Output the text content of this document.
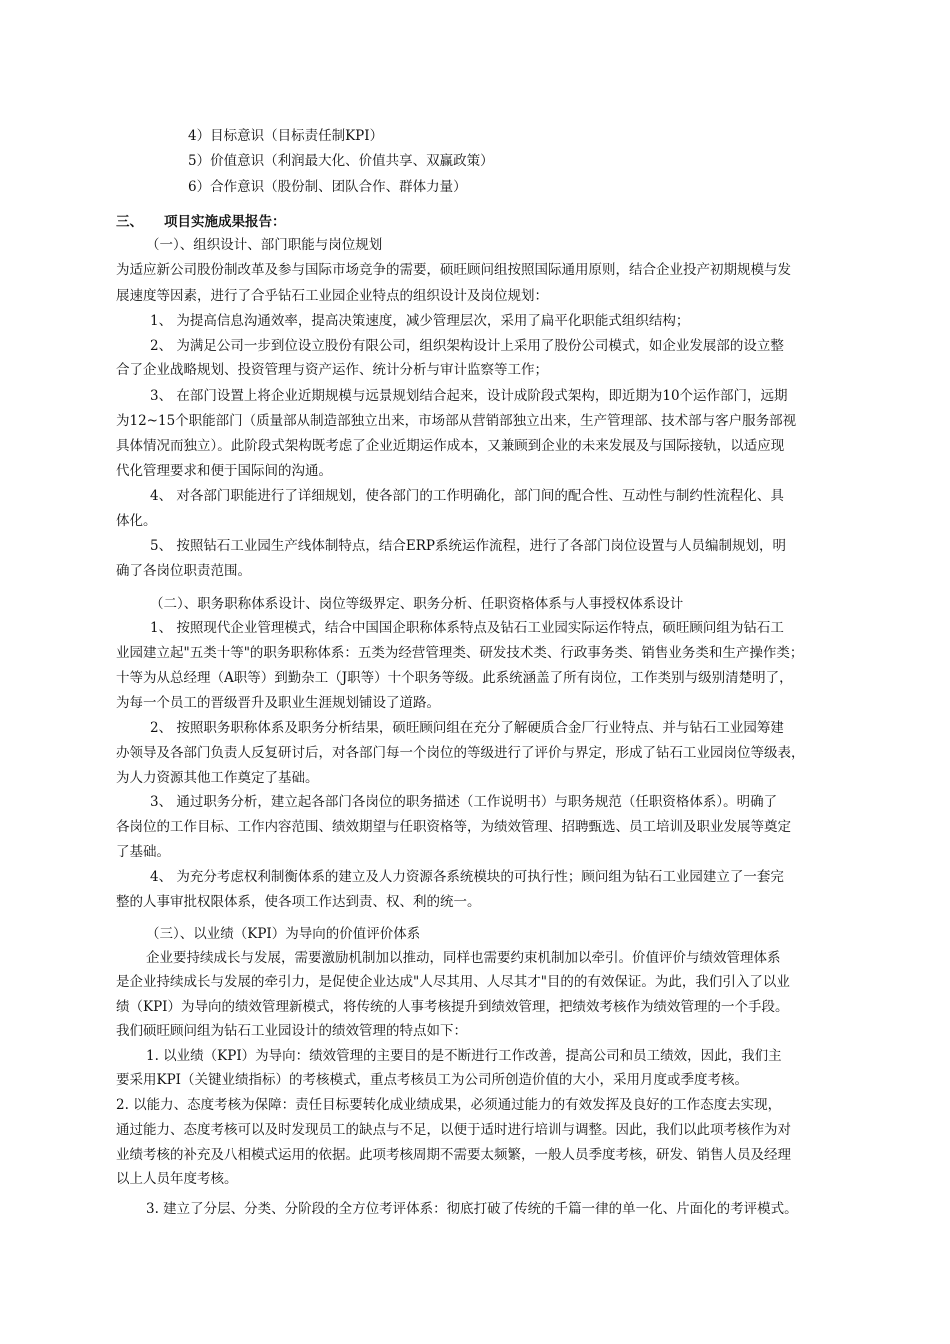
4）目标意识（目标责任制KPI）
5）价值意识（利润最大化、价值共享、双赢政策）
6）合作意识（股份制、团队合作、群体力量）
三、 项目实施成果报告：
（一）、组织设计、部门职能与岗位规划
为适应新公司股份制改革及参与国际市场竞争的需要，硕旺顾问组按照国际通用原则，结合企业投产初期规模与发
展速度等因素，进行了合乎钻石工业园企业特点的组织设计及岗位规划：
1、 为提高信息沟通效率，提高决策速度，减少管理层次，采用了扁平化职能式组织结构；
2、 为满足公司一步到位设立股份有限公司，组织架构设计上采用了股份公司模式，如企业发展部的设立整
合了企业战略规划、投资管理与资产运作、统计分析与审计监察等工作；
3、 在部门设置上将企业近期规模与远景规划结合起来，设计成阶段式架构，即近期为10个运作部门，远期
为12~15个职能部门（质量部从制造部独立出来，市场部从营销部独立出来，生产管理部、技术部与客户服务部视
具体情况而独立）。此阶段式架构既考虑了企业近期运作成本，又兼顾到企业的未来发展及与国际接轨，以适应现
代化管理要求和便于国际间的沟通。
4、 对各部门职能进行了详细规划，使各部门的工作明确化，部门间的配合性、互动性与制约性流程化、具
体化。
5、 按照钻石工业园生产线体制特点，结合ERP系统运作流程，进行了各部门岗位设置与人员编制规划，明
确了各岗位职责范围。
（二）、职务职称体系设计、岗位等级界定、职务分析、任职资格体系与人事授权体系设计
1、 按照现代企业管理模式，结合中国国企职称体系特点及钻石工业园实际运作特点，硕旺顾问组为钻石工
业园建立起"五类十等"的职务职称体系：五类为经营管理类、研发技术类、行政事务类、销售业务类和生产操作类；
十等为从总经理（A职等）到勤杂工（J职等）十个职务等级。此系统涵盖了所有岗位，工作类别与级别清楚明了，
为每一个员工的晋级晋升及职业生涯规划铺设了道路。
2、 按照职务职称体系及职务分析结果，硕旺顾问组在充分了解硬质合金厂行业特点、并与钻石工业园筹建
办领导及各部门负责人反复研讨后，对各部门每一个岗位的等级进行了评价与界定，形成了钻石工业园岗位等级表，
为人力资源其他工作奠定了基础。
3、 通过职务分析，建立起各部门各岗位的职务描述（工作说明书）与职务规范（任职资格体系）。明确了
各岗位的工作目标、工作内容范围、绩效期望与任职资格等，为绩效管理、招聘甄选、员工培训及职业发展等奠定
了基础。
4、 为充分考虑权利制衡体系的建立及人力资源各系统模块的可执行性；顾问组为钻石工业园建立了一套完
整的人事审批权限体系，使各项工作达到责、权、利的统一。
（三）、以业绩（KPI）为导向的价值评价体系
企业要持续成长与发展，需要激励机制加以推动，同样也需要约束机制加以牵引。价值评价与绩效管理体系
是企业持续成长与发展的牵引力，是促使企业达成"人尽其用、人尽其才"目的的有效保证。为此，我们引入了以业
绩（KPI）为导向的绩效管理新模式，将传统的人事考核提升到绩效管理，把绩效考核作为绩效管理的一个手段。
我们硕旺顾问组为钻石工业园设计的绩效管理的特点如下：
1. 以业绩（KPI）为导向：绩效管理的主要目的是不断进行工作改善，提高公司和员工绩效，因此，我们主
要采用KPI（关键业绩指标）的考核模式，重点考核员工为公司所创造价值的大小，采用月度或季度考核。
2. 以能力、态度考核为保障：责任目标要转化成业绩成果，必须通过能力的有效发挥及良好的工作态度去实现，
通过能力、态度考核可以及时发现员工的缺点与不足，以便于适时进行培训与调整。因此，我们以此项考核作为对
业绩考核的补充及八相模式运用的依据。此项考核周期不需要太频繁，一般人员季度考核，研发、销售人员及经理
以上人员年度考核。
3. 建立了分层、分类、分阶段的全方位考评体系：彻底打破了传统的千篇一律的单一化、片面化的考评模式。
